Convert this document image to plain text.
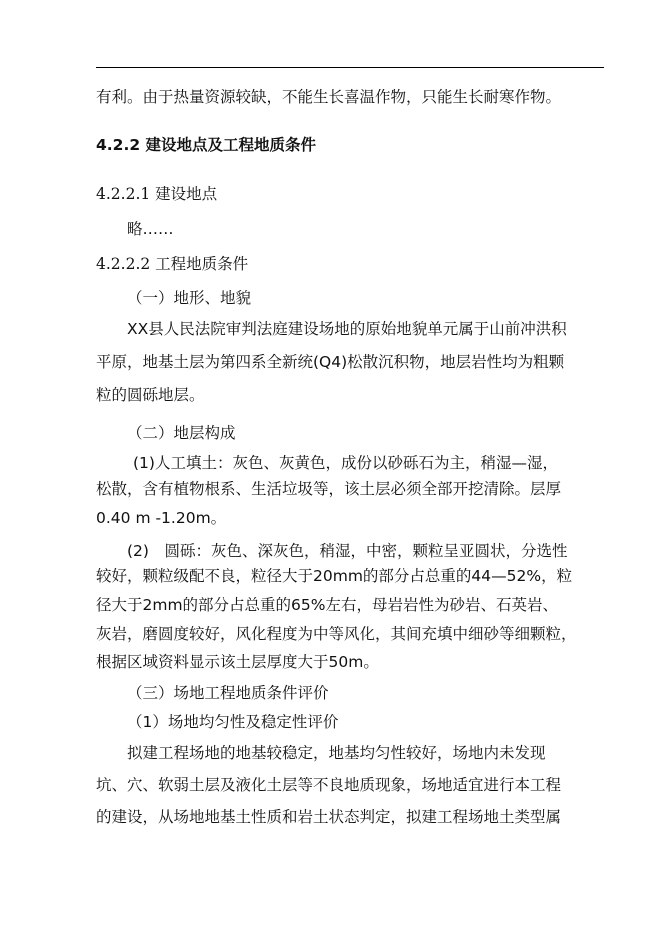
有利。由于热量资源较缺，不能生长喜温作物，只能生长耐寒作物。
4.2.2 建设地点及工程地质条件
4.2.2.1 建设地点
略……
4.2.2.2 工程地质条件
（一）地形、地貌
XX县人民法院审判法庭建设场地的原始地貌单元属于山前冲洪积
平原，地基土层为第四系全新统(Q4)松散沉积物，地层岩性均为粗颗
粒的圆砾地层。
（二）地层构成
(1)人工填土：灰色、灰黄色，成份以砂砾石为主，稍湿—湿，
松散，含有植物根系、生活垃圾等，该土层必须全部开挖清除。层厚
0.40 m -1.20m。
(2)　圆砾：灰色、深灰色，稍湿，中密，颗粒呈亚圆状，分选性
较好，颗粒级配不良，粒径大于20mm的部分占总重的44—52%，粒
径大于2mm的部分占总重的65%左右，母岩岩性为砂岩、石英岩、
灰岩，磨圆度较好，风化程度为中等风化，其间充填中细砂等细颗粒，
根据区域资料显示该土层厚度大于50m。
（三）场地工程地质条件评价
（1）场地均匀性及稳定性评价
拟建工程场地的地基较稳定，地基均匀性较好，场地内未发现
坑、穴、软弱土层及液化土层等不良地质现象，场地适宜进行本工程
的建设，从场地地基土性质和岩土状态判定，拟建工程场地土类型属
